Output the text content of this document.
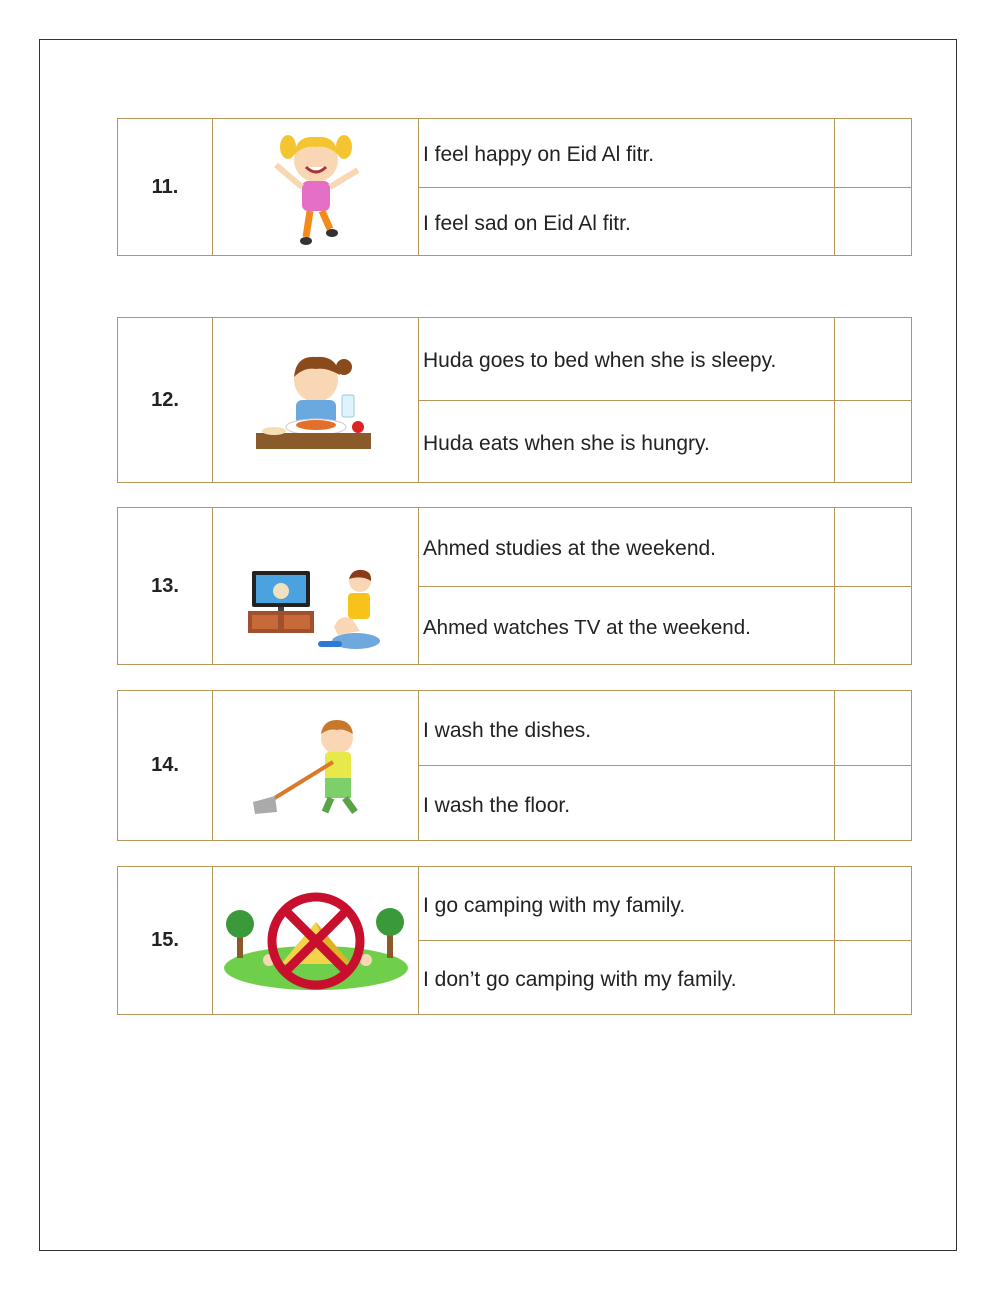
11.
I feel happy on Eid Al fitr.
I feel sad on Eid Al fitr.
12.
Huda goes to bed when she is sleepy.
Huda eats when she is hungry.
13.
Ahmed studies at the weekend.
Ahmed watches TV at the weekend.
14.
I wash the dishes.
I wash the floor.
15.
I go camping with my family.
I don’t go camping with my family.
